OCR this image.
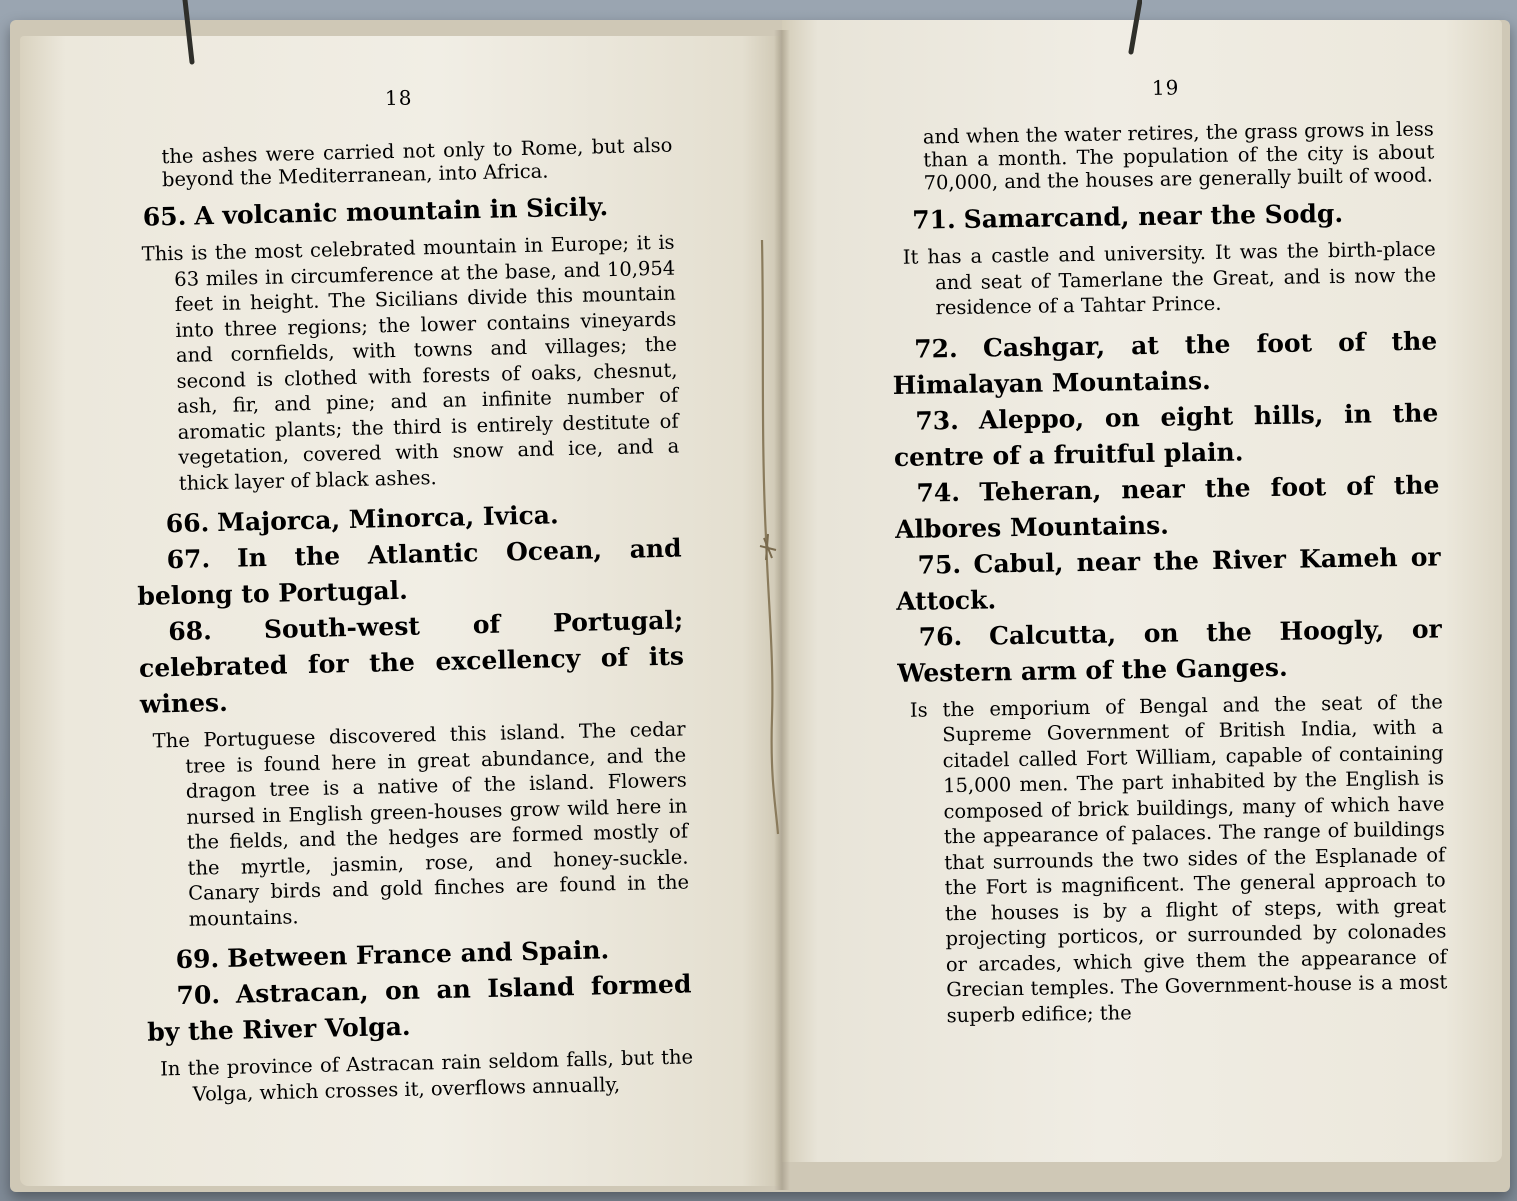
18

the ashes were carried not only to Rome, but also beyond the Mediterranean, into Africa.

65. A volcanic mountain in Sicily.

This is the most celebrated mountain in Europe; it is 63 miles in circumference at the base, and 10,954 feet in height. The Sicilians divide this mountain into three regions; the lower contains vineyards and cornfields, with towns and villages; the second is clothed with forests of oaks, chesnut, ash, fir, and pine; and an infinite number of aromatic plants; the third is entirely destitute of vegetation, covered with snow and ice, and a thick layer of black ashes.

66. Majorca, Minorca, Ivica.

67. In the Atlantic Ocean, and belong to Portugal.

68. South-west of Portugal; celebrated for the excellency of its wines.

The Portuguese discovered this island. The cedar tree is found here in great abundance, and the dragon tree is a native of the island. Flowers nursed in English green-houses grow wild here in the fields, and the hedges are formed mostly of the myrtle, jasmin, rose, and honey-suckle. Canary birds and gold finches are found in the mountains.

69. Between France and Spain.

70. Astracan, on an Island formed by the River Volga.

In the province of Astracan rain seldom falls, but the Volga, which crosses it, overflows annually,

19

and when the water retires, the grass grows in less than a month. The population of the city is about 70,000, and the houses are generally built of wood.

71. Samarcand, near the Sodg.

It has a castle and university. It was the birth-place and seat of Tamerlane the Great, and is now the residence of a Tahtar Prince.

72. Cashgar, at the foot of the Himalayan Mountains.

73. Aleppo, on eight hills, in the centre of a fruitful plain.

74. Teheran, near the foot of the Albores Mountains.

75. Cabul, near the River Kameh or Attock.

76. Calcutta, on the Hoogly, or Western arm of the Ganges.

Is the emporium of Bengal and the seat of the Supreme Government of British India, with a citadel called Fort William, capable of containing 15,000 men. The part inhabited by the English is composed of brick buildings, many of which have the appearance of palaces. The range of buildings that surrounds the two sides of the Esplanade of the Fort is magnificent. The general approach to the houses is by a flight of steps, with great projecting porticos, or surrounded by colonades or arcades, which give them the appearance of Grecian temples. The Government-house is a most superb edifice; the
